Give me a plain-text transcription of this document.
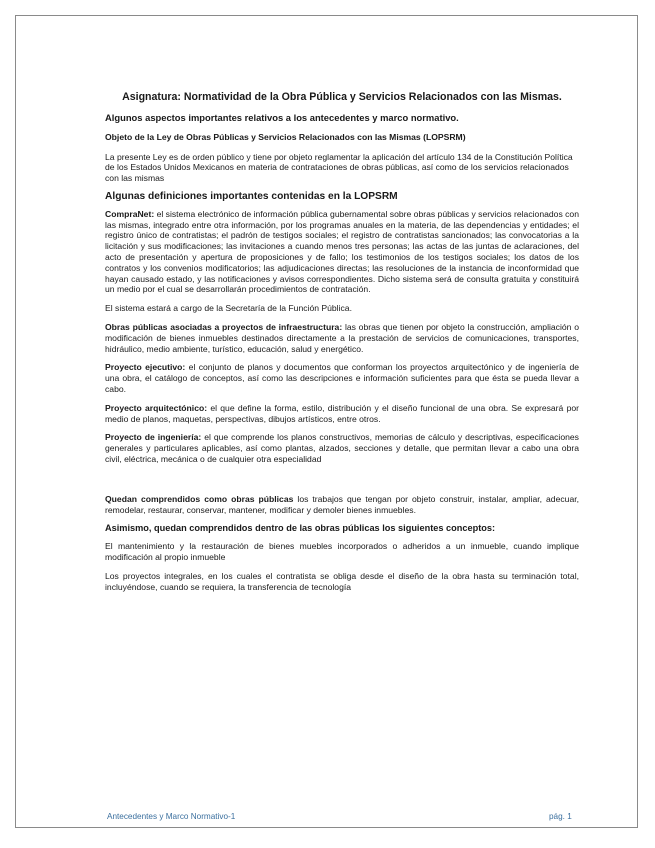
Asignatura: Normatividad de la Obra Pública y Servicios Relacionados con las Mismas.
Algunos aspectos importantes relativos a los antecedentes y marco normativo.
Objeto de la Ley de Obras Públicas y Servicios Relacionados con las Mismas (LOPSRM)

La presente Ley es de orden público y tiene por objeto reglamentar la aplicación del artículo 134 de la Constitución Política de los Estados Unidos Mexicanos en materia de contrataciones de obras públicas, así como de los servicios relacionados con las mismas

Algunas definiciones importantes contenidas en la LOPSRM

CompraNet: el sistema electrónico de información pública gubernamental sobre obras públicas y servicios relacionados con las mismas, integrado entre otra información, por los programas anuales en la materia, de las dependencias y entidades; el registro único de contratistas; el padrón de testigos sociales; el registro de contratistas sancionados; las convocatorias a la licitación y sus modificaciones; las invitaciones a cuando menos tres personas; las actas de las juntas de aclaraciones, del acto de presentación y apertura de proposiciones y de fallo; los testimonios de los testigos sociales; los datos de los contratos y los convenios modificatorios; las adjudicaciones directas; las resoluciones de la instancia de inconformidad que hayan causado estado, y las notificaciones y avisos correspondientes. Dicho sistema será de consulta gratuita y constituirá un medio por el cual se desarrollarán procedimientos de contratación.

El sistema estará a cargo de la Secretaría de la Función Pública.

Obras públicas asociadas a proyectos de infraestructura: las obras que tienen por objeto la construcción, ampliación o modificación de bienes inmuebles destinados directamente a la prestación de servicios de comunicaciones, transportes, hidráulico, medio ambiente, turístico, educación, salud y energético.

Proyecto ejecutivo: el conjunto de planos y documentos que conforman los proyectos arquitectónico y de ingeniería de una obra, el catálogo de conceptos, así como las descripciones e información suficientes para que ésta se pueda llevar a cabo.

Proyecto arquitectónico: el que define la forma, estilo, distribución y el diseño funcional de una obra. Se expresará por medio de planos, maquetas, perspectivas, dibujos artísticos, entre otros.

Proyecto de ingeniería: el que comprende los planos constructivos, memorias de cálculo y descriptivas, especificaciones generales y particulares aplicables, así como plantas, alzados, secciones y detalle, que permitan llevar a cabo una obra civil, eléctrica, mecánica o de cualquier otra especialidad

Quedan comprendidos como obras públicas los trabajos que tengan por objeto construir, instalar, ampliar, adecuar, remodelar, restaurar, conservar, mantener, modificar y demoler bienes inmuebles.

Asimismo, quedan comprendidos dentro de las obras públicas los siguientes conceptos:

El mantenimiento y la restauración de bienes muebles incorporados o adheridos a un inmueble, cuando implique modificación al propio inmueble

Los proyectos integrales, en los cuales el contratista se obliga desde el diseño de la obra hasta su terminación total, incluyéndose, cuando se requiera, la transferencia de tecnología

Antecedentes y Marco Normativo-1	pág. 1
